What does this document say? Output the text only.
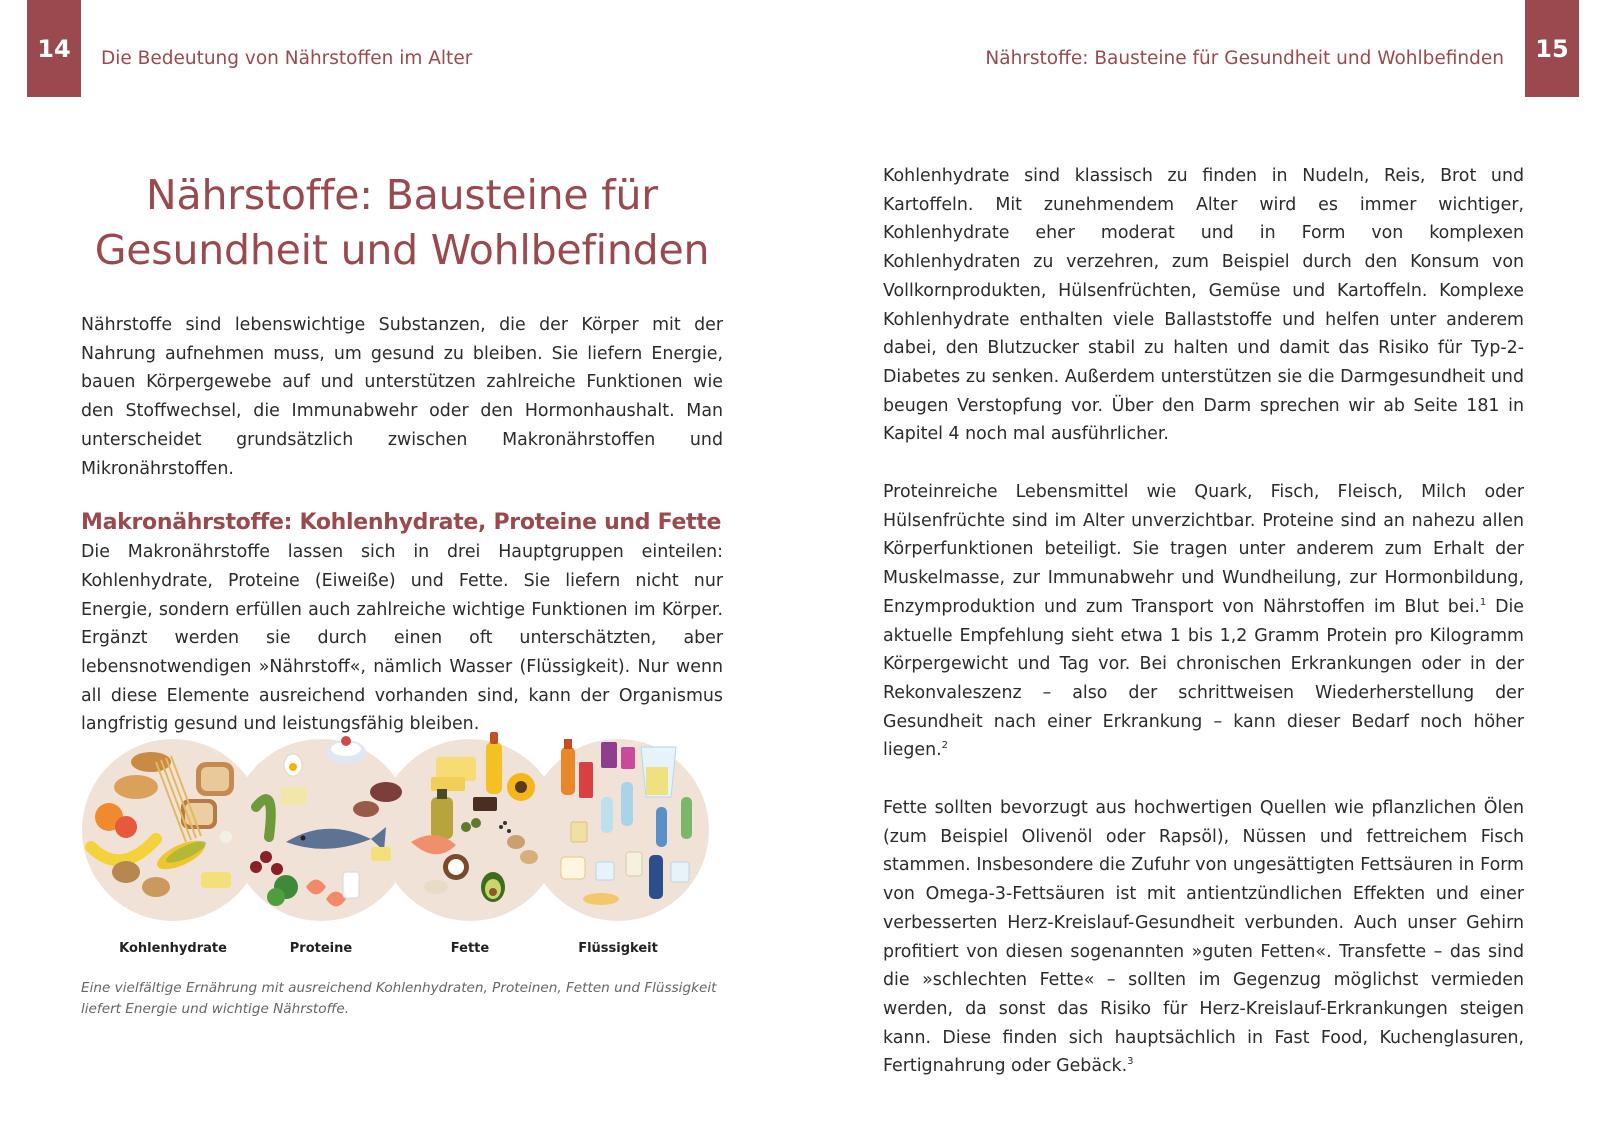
14	Die Bedeutung von Nährstoffen im Alter	Nährstoffe: Bausteine für Gesundheit und Wohlbefinden	15
Nährstoffe: Bausteine für
Gesundheit und Wohlbefinden

Nährstoffe sind lebenswichtige Substanzen, die der Körper mit der Nahrung aufnehmen muss, um gesund zu bleiben. Sie liefern Energie, bauen Körpergewebe auf und unterstützen zahlreiche Funktionen wie den Stoffwechsel, die Immunabwehr oder den Hormonhaushalt. Man unterscheidet grundsätzlich zwischen Makronährstoffen und Mikronährstoffen.

Makronährstoffe: Kohlenhydrate, Proteine und Fette

Die Makronährstoffe lassen sich in drei Hauptgruppen einteilen: Kohlenhydrate, Proteine (Eiweiße) und Fette. Sie liefern nicht nur Energie, sondern erfüllen auch zahlreiche wichtige Funktionen im Körper. Ergänzt werden sie durch einen oft unterschätzten, aber lebensnotwendigen »Nährstoff«, nämlich Wasser (Flüssigkeit). Nur wenn all diese Elemente ausreichend vorhanden sind, kann der Organismus langfristig gesund und leistungsfähig bleiben.

Kohlenhydrate	Proteine	Fette	Flüssigkeit

Eine vielfältige Ernährung mit ausreichend Kohlenhydraten, Proteinen, Fetten und Flüssigkeit liefert Energie und wichtige Nährstoffe.

Kohlenhydrate sind klassisch zu finden in Nudeln, Reis, Brot und Kartoffeln. Mit zunehmendem Alter wird es immer wichtiger, Kohlenhydrate eher moderat und in Form von komplexen Kohlenhydraten zu verzehren, zum Beispiel durch den Konsum von Vollkornprodukten, Hülsenfrüchten, Gemüse und Kartoffeln. Komplexe Kohlenhydrate enthalten viele Ballaststoffe und helfen unter anderem dabei, den Blutzucker stabil zu halten und damit das Risiko für Typ-2-Diabetes zu senken. Außerdem unterstützen sie die Darmgesundheit und beugen Verstopfung vor. Über den Darm sprechen wir ab Seite 181 in Kapitel 4 noch mal ausführlicher.

Proteinreiche Lebensmittel wie Quark, Fisch, Fleisch, Milch oder Hülsenfrüchte sind im Alter unverzichtbar. Proteine sind an nahezu allen Körperfunktionen beteiligt. Sie tragen unter anderem zum Erhalt der Muskelmasse, zur Immunabwehr und Wundheilung, zur Hormonbildung, Enzymproduktion und zum Transport von Nährstoffen im Blut bei.$^1$ Die aktuelle Empfehlung sieht etwa 1 bis 1,2 Gramm Protein pro Kilogramm Körpergewicht und Tag vor. Bei chronischen Erkrankungen oder in der Rekonvaleszenz – also der schrittweisen Wiederherstellung der Gesundheit nach einer Erkrankung – kann dieser Bedarf noch höher liegen.$^2$

Fette sollten bevorzugt aus hochwertigen Quellen wie pflanzlichen Ölen (zum Beispiel Olivenöl oder Rapsöl), Nüssen und fettreichem Fisch stammen. Insbesondere die Zufuhr von ungesättigten Fettsäuren in Form von Omega-3-Fettsäuren ist mit antientzündlichen Effekten und einer verbesserten Herz-Kreislauf-Gesundheit verbunden. Auch unser Gehirn profitiert von diesen sogenannten »guten Fetten«. Transfette – das sind die »schlechten Fette« – sollten im Gegenzug möglichst vermieden werden, da sonst das Risiko für Herz-Kreislauf-Erkrankungen steigen kann. Diese finden sich hauptsächlich in Fast Food, Kuchenglasuren, Fertignahrung oder Gebäck.$^3$
